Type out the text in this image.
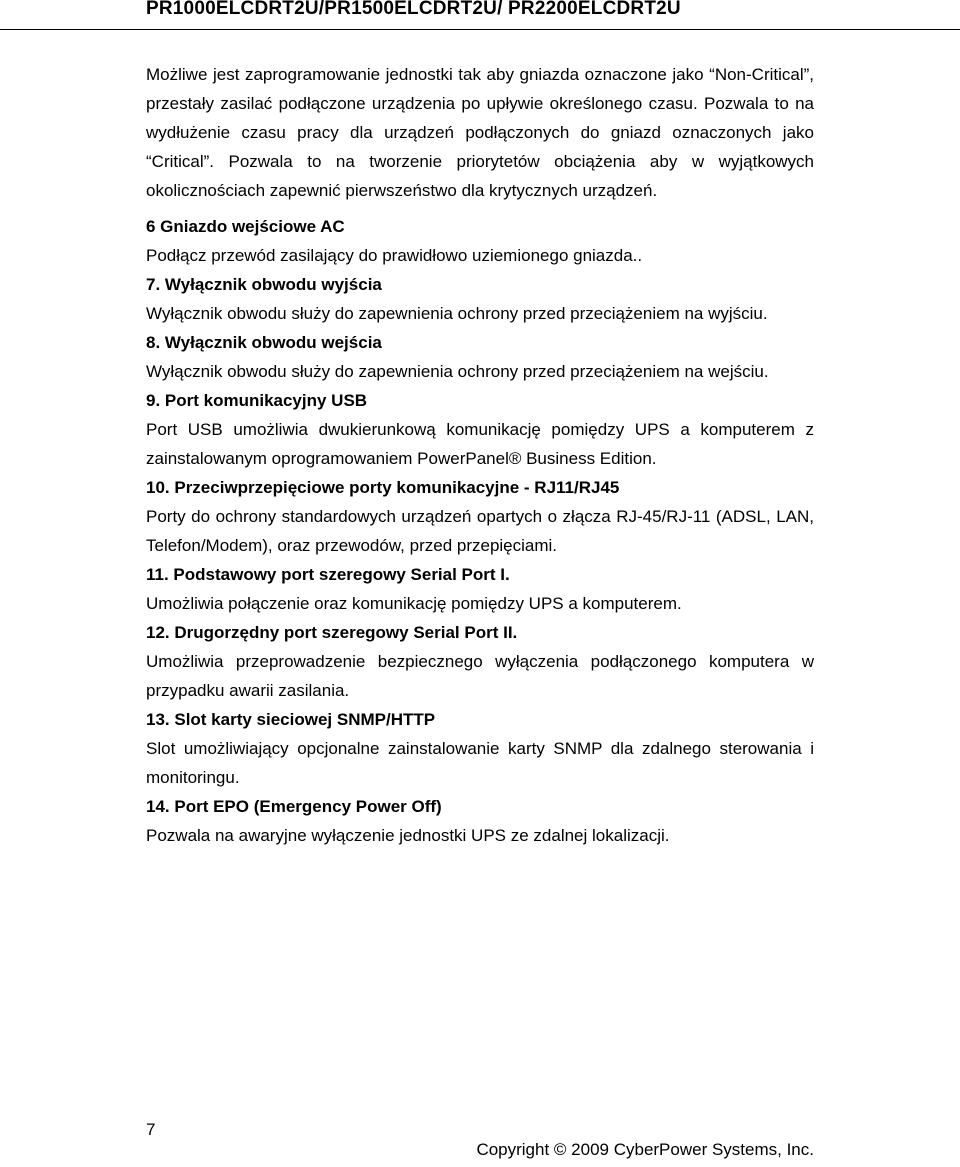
PR1000ELCDRT2U/PR1500ELCDRT2U/ PR2200ELCDRT2U

Możliwe jest zaprogramowanie jednostki tak aby gniazda oznaczone jako “Non-Critical”, przestały zasilać podłączone urządzenia po upływie określonego czasu. Pozwala to na wydłużenie czasu pracy dla urządzeń podłączonych do gniazd oznaczonych jako “Critical”. Pozwala to na tworzenie priorytetów obciążenia aby w wyjątkowych okolicznościach zapewnić pierwszeństwo dla krytycznych urządzeń.

6 Gniazdo wejściowe AC

Podłącz przewód zasilający do prawidłowo uziemionego gniazda..

7. Wyłącznik obwodu wyjścia

Wyłącznik obwodu służy do zapewnienia ochrony przed przeciążeniem na wyjściu.

8. Wyłącznik obwodu wejścia

Wyłącznik obwodu służy do zapewnienia ochrony przed przeciążeniem na wejściu.

9. Port komunikacyjny USB

Port USB umożliwia dwukierunkową komunikację pomiędzy UPS a komputerem z zainstalowanym oprogramowaniem PowerPanel® Business Edition.

10. Przeciwprzepięciowe porty komunikacyjne - RJ11/RJ45

Porty do ochrony standardowych urządzeń opartych o złącza RJ-45/RJ-11 (ADSL, LAN, Telefon/Modem), oraz przewodów, przed przepięciami.

11. Podstawowy port szeregowy Serial Port I.

Umożliwia połączenie oraz komunikację pomiędzy UPS a komputerem.

12. Drugorzędny port szeregowy Serial Port II.

Umożliwia przeprowadzenie bezpiecznego wyłączenia podłączonego komputera w przypadku awarii zasilania.

13. Slot karty sieciowej SNMP/HTTP

Slot umożliwiający opcjonalne zainstalowanie karty SNMP dla zdalnego sterowania i monitoringu.

14. Port EPO (Emergency Power Off)

Pozwala na awaryjne wyłączenie jednostki UPS ze zdalnej lokalizacji.

7
Copyright © 2009 CyberPower Systems, Inc.
